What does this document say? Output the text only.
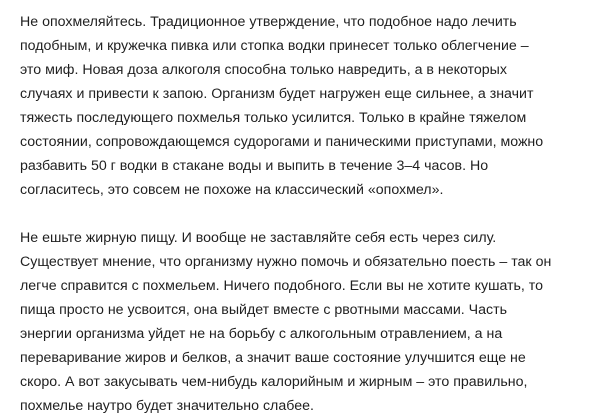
Не опохмеляйтесь. Традиционное утверждение, что подобное надо лечить
подобным, и кружечка пивка или стопка водки принесет только облегчение –
это миф. Новая доза алкоголя способна только навредить, а в некоторых
случаях и привести к запою. Организм будет нагружен еще сильнее, а значит
тяжесть последующего похмелья только усилится. Только в крайне тяжелом
состоянии, сопровождающемся судорогами и паническими приступами, можно
разбавить 50 г водки в стакане воды и выпить в течение 3–4 часов. Но
согласитесь, это совсем не похоже на классический «опохмел».

Не ешьте жирную пищу. И вообще не заставляйте себя есть через силу.
Существует мнение, что организму нужно помочь и обязательно поесть – так он
легче справится с похмельем. Ничего подобного. Если вы не хотите кушать, то
пища просто не усвоится, она выйдет вместе с рвотными массами. Часть
энергии организма уйдет не на борьбу с алкогольным отравлением, а на
переваривание жиров и белков, а значит ваше состояние улучшится еще не
скоро. А вот закусывать чем-нибудь калорийным и жирным – это правильно,
похмелье наутро будет значительно слабее.
